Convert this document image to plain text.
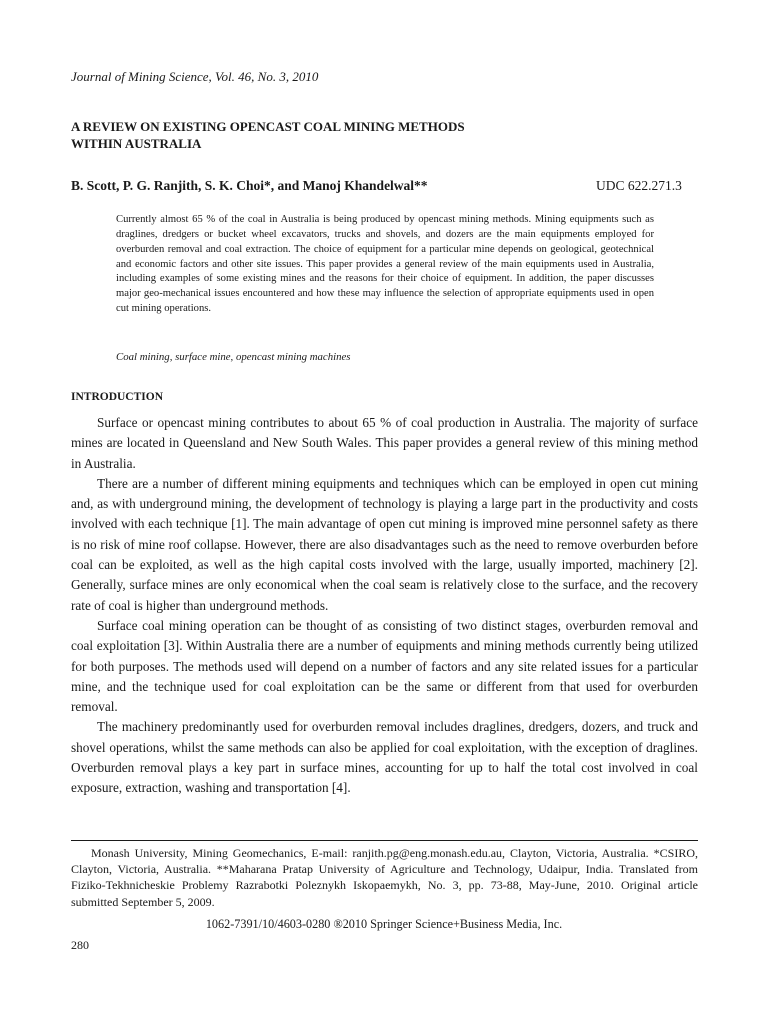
Journal of Mining Science, Vol. 46, No. 3, 2010
A REVIEW ON EXISTING OPENCAST COAL MINING METHODS
WITHIN AUSTRALIA
B. Scott, P. G. Ranjith, S. K. Choi*, and Manoj Khandelwal**	UDC 622.271.3
Currently almost 65 % of the coal in Australia is being produced by opencast mining methods. Mining equipments such as draglines, dredgers or bucket wheel excavators, trucks and shovels, and dozers are the main equipments employed for overburden removal and coal extraction. The choice of equipment for a particular mine depends on geological, geotechnical and economic factors and other site issues. This paper provides a general review of the main equipments used in Australia, including examples of some existing mines and the reasons for their choice of equipment. In addition, the paper discusses major geo-mechanical issues encountered and how these may influence the selection of appropriate equipments used in open cut mining operations.
Coal mining, surface mine, opencast mining machines
INTRODUCTION

Surface or opencast mining contributes to about 65 % of coal production in Australia. The majority of surface mines are located in Queensland and New South Wales. This paper provides a general review of this mining method in Australia.

There are a number of different mining equipments and techniques which can be employed in open cut mining and, as with underground mining, the development of technology is playing a large part in the productivity and costs involved with each technique [1]. The main advantage of open cut mining is improved mine personnel safety as there is no risk of mine roof collapse. However, there are also disadvantages such as the need to remove overburden before coal can be exploited, as well as the high capital costs involved with the large, usually imported, machinery [2]. Generally, surface mines are only economical when the coal seam is relatively close to the surface, and the recovery rate of coal is higher than underground methods.

Surface coal mining operation can be thought of as consisting of two distinct stages, overburden removal and coal exploitation [3]. Within Australia there are a number of equipments and mining methods currently being utilized for both purposes. The methods used will depend on a number of factors and any site related issues for a particular mine, and the technique used for coal exploitation can be the same or different from that used for overburden removal.

The machinery predominantly used for overburden removal includes draglines, dredgers, dozers, and truck and shovel operations, whilst the same methods can also be applied for coal exploitation, with the exception of draglines. Overburden removal plays a key part in surface mines, accounting for up to half the total cost involved in coal exposure, extraction, washing and transportation [4].

Monash University, Mining Geomechanics, E-mail: ranjith.pg@eng.monash.edu.au, Clayton, Victoria, Australia. *CSIRO, Clayton, Victoria, Australia. **Maharana Pratap University of Agriculture and Technology, Udaipur, India. Translated from Fiziko-Tekhnicheskie Problemy Razrabotki Poleznykh Iskopaemykh, No. 3, pp. 73-88, May-June, 2010. Original article submitted September 5, 2009.
1062-7391/10/4603-0280 ®2010 Springer Science+Business Media, Inc.
280
